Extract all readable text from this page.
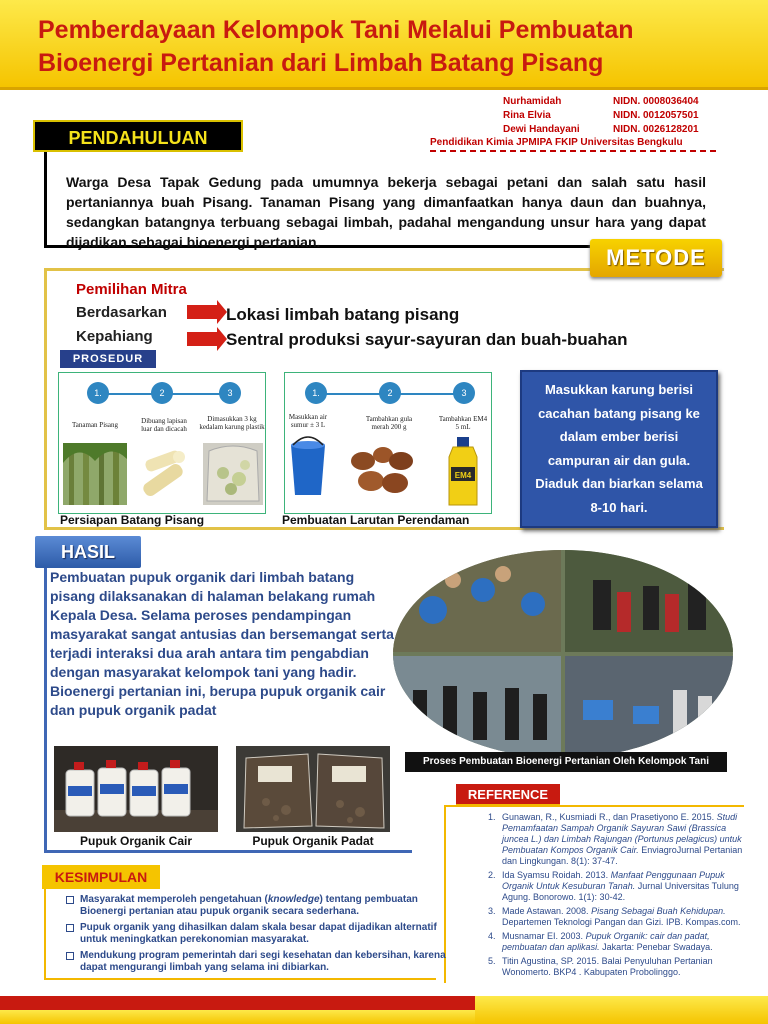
Pemberdayaan Kelompok Tani Melalui Pembuatan
Bioenergi Pertanian dari Limbah Batang Pisang
Nurhamidah	NIDN. 0008036404
Rina Elvia	NIDN. 0012057501
Dewi Handayani	NIDN. 0026128201
Pendidikan Kimia JPMIPA FKIP Universitas Bengkulu
PENDAHULUAN
Warga Desa Tapak Gedung pada umumnya bekerja sebagai petani dan salah satu hasil pertaniannya buah Pisang. Tanaman Pisang yang dimanfaatkan hanya daun dan buahnya, sedangkan batangnya terbuang sebagai limbah, padahal mengandung unsur hara yang dapat dijadikan sebagai bioenergi pertanian.
METODE
Pemilihan Mitra
Berdasarkan	Lokasi limbah batang pisang
Kepahiang	Sentral produksi sayur-sayuran dan buah-buahan
PROSEDUR
1.	2	3
Tanaman Pisang	Dibuang lapisan luar dan dicacah
Dimasukkan 3 kg kedalam karung plastik
Persiapan Batang Pisang
1.	2	3
Masukkan air sumur ± 3 L
Tambahkan gula merah 200 g
Tambahkan EM4 5 mL
EM4
Pembuatan Larutan Perendaman
Masukkan karung berisi cacahan batang pisang ke dalam ember berisi campuran air dan gula. Diaduk dan biarkan selama 8-10 hari.
HASIL
Pembuatan pupuk organik dari limbah batang pisang dilaksanakan di halaman belakang rumah Kepala Desa. Selama peroses pendampingan masyarakat sangat antusias dan bersemangat serta terjadi interaksi dua arah antara tim pengabdian dengan masyarakat kelompok tani yang hadir. Bioenergi pertanian ini, berupa pupuk organik cair dan pupuk organik padat
Pupuk Organik Cair	Pupuk Organik Padat
Proses Pembuatan Bioenergi Pertanian Oleh Kelompok Tani
REFERENCE
1. Gunawan, R., Kusmiadi R., dan Prasetiyono E. 2015. Studi Pemamfaatan Sampah Organik Sayuran Sawi (Brassica juncea L.) dan Limbah Rajungan (Portunus pelagicus) untuk Pembuatan Kompos Organik Cair. EnviagroJurnal Pertanian dan Lingkungan. 8(1): 37-47.
2. Ida Syamsu Roidah. 2013. Manfaat Penggunaan Pupuk Organik Untuk Kesuburan Tanah. Jurnal Universitas Tulung Agung. Bonorowo. 1(1): 30-42.
3. Made Astawan. 2008. Pisang Sebagai Buah Kehidupan. Departemen Teknologi Pangan dan Gizi. IPB. Kompas.com.
4. Musnamar EI. 2003. Pupuk Organik: cair dan padat, pembuatan dan aplikasi. Jakarta: Penebar Swadaya.
5. Titin Agustina, SP. 2015. Balai Penyuluhan Pertanian Wonomerto. BKP4 . Kabupaten Probolinggo.
KESIMPULAN
Masyarakat memperoleh pengetahuan (knowledge) tentang pembuatan Bioenergi pertanian atau pupuk organik secara sederhana.
Pupuk organik yang dihasilkan dalam skala besar dapat dijadikan alternatif untuk meningkatkan perekonomian masyarakat.
Mendukung program pemerintah dari segi kesehatan dan kebersihan, karena dapat mengurangi limbah yang selama ini dibiarkan.
